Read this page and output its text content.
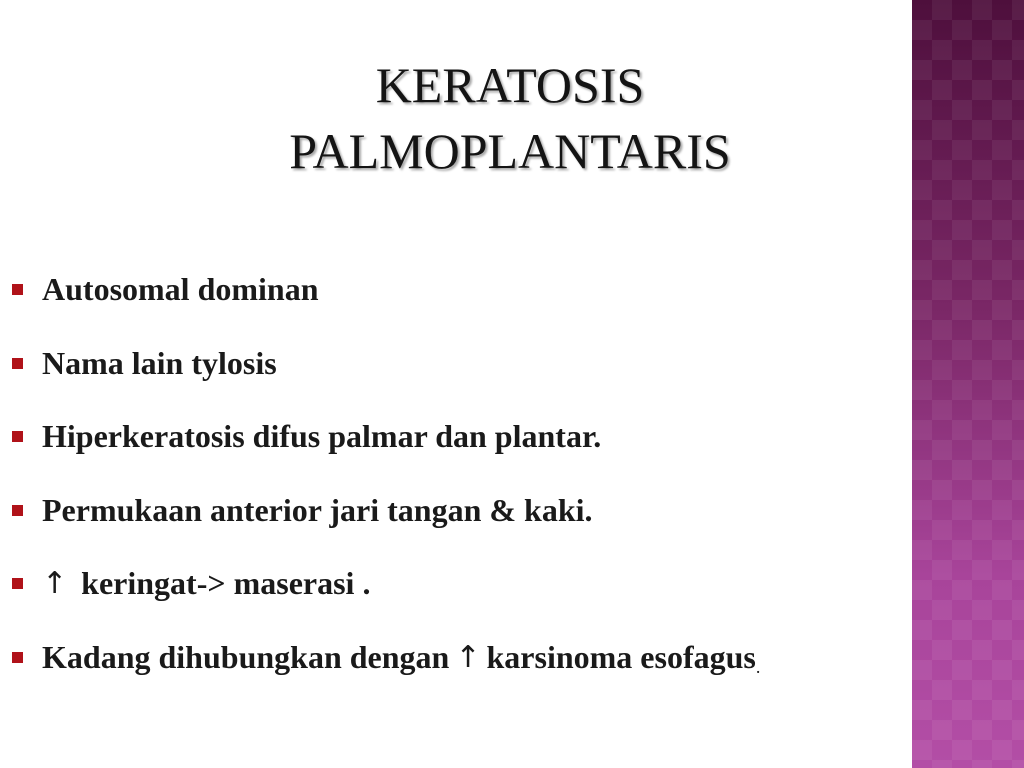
KERATOSIS
PALMOPLANTARIS
Autosomal dominan
Nama lain tylosis
Hiperkeratosis difus palmar dan plantar.
Permukaan anterior jari tangan & kaki.
↑ keringat-> maserasi .
Kadang dihubungkan dengan ↑ karsinoma esofagus .
